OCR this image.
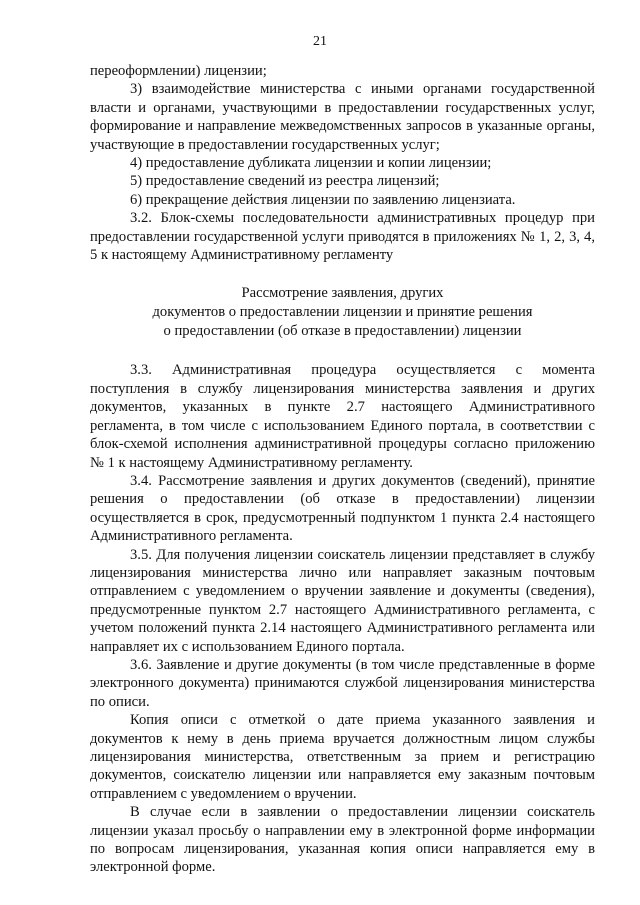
21

переоформлении) лицензии;

3) взаимодействие министерства с иными органами государственной власти и органами, участвующими в предоставлении государственных услуг, формирование и направление межведомственных запросов в указанные органы, участвующие в предоставлении государственных услуг;

4) предоставление дубликата лицензии и копии лицензии;

5) предоставление сведений из реестра лицензий;

6) прекращение действия лицензии по заявлению лицензиата.

3.2. Блок-схемы последовательности административных процедур при предоставлении государственной услуги приводятся в приложениях № 1, 2, 3, 4, 5 к настоящему Административному регламенту

Рассмотрение заявления, других
документов о предоставлении лицензии и принятие решения
о предоставлении (об отказе в предоставлении) лицензии

3.3. Административная процедура осуществляется с момента поступления в службу лицензирования министерства заявления и других документов, указанных в пункте 2.7 настоящего Административного регламента, в том числе с использованием Единого портала, в соответствии с блок-схемой исполнения административной процедуры согласно приложению № 1 к настоящему Административному регламенту.

3.4. Рассмотрение заявления и других документов (сведений), принятие решения о предоставлении (об отказе в предоставлении) лицензии осуществляется в срок, предусмотренный подпунктом 1 пункта 2.4 настоящего Административного регламента.

3.5. Для получения лицензии соискатель лицензии представляет в службу лицензирования министерства лично или направляет заказным почтовым отправлением с уведомлением о вручении заявление и документы (сведения), предусмотренные пунктом 2.7 настоящего Административного регламента, с учетом положений пункта 2.14 настоящего Административного регламента или направляет их с использованием Единого портала.

3.6. Заявление и другие документы (в том числе представленные в форме электронного документа) принимаются службой лицензирования министерства по описи.

Копия описи с отметкой о дате приема указанного заявления и документов к нему в день приема вручается должностным лицом службы лицензирования министерства, ответственным за прием и регистрацию документов, соискателю лицензии или направляется ему заказным почтовым отправлением с уведомлением о вручении.

В случае если в заявлении о предоставлении лицензии соискатель лицензии указал просьбу о направлении ему в электронной форме информации по вопросам лицензирования, указанная копия описи направляется ему в электронной форме.
